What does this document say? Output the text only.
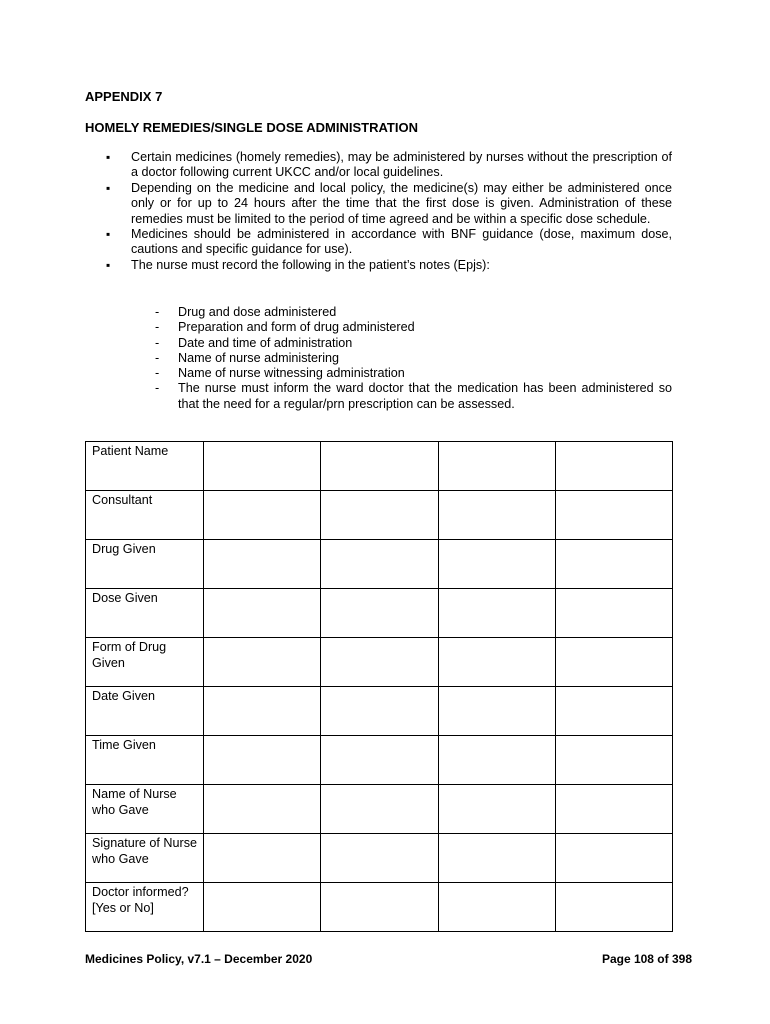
APPENDIX 7
HOMELY REMEDIES/SINGLE DOSE ADMINISTRATION
▪ Certain medicines (homely remedies), may be administered by nurses without the prescription of a doctor following current UKCC and/or local guidelines.
▪ Depending on the medicine and local policy, the medicine(s) may either be administered once only or for up to 24 hours after the time that the first dose is given. Administration of these remedies must be limited to the period of time agreed and be within a specific dose schedule.
▪ Medicines should be administered in accordance with BNF guidance (dose, maximum dose, cautions and specific guidance for use).
▪ The nurse must record the following in the patient’s notes (Epjs):
- Drug and dose administered
- Preparation and form of drug administered
- Date and time of administration
- Name of nurse administering
- Name of nurse witnessing administration
- The nurse must inform the ward doctor that the medication has been administered so that the need for a regular/prn prescription can be assessed.
Patient Name				
Consultant				
Drug Given				
Dose Given				
Form of Drug Given				
Date Given				
Time Given				
Name of Nurse who Gave				
Signature of Nurse who Gave				
Doctor informed? [Yes or No]				
Medicines Policy, v7.1 – December 2020	Page 108 of 398
